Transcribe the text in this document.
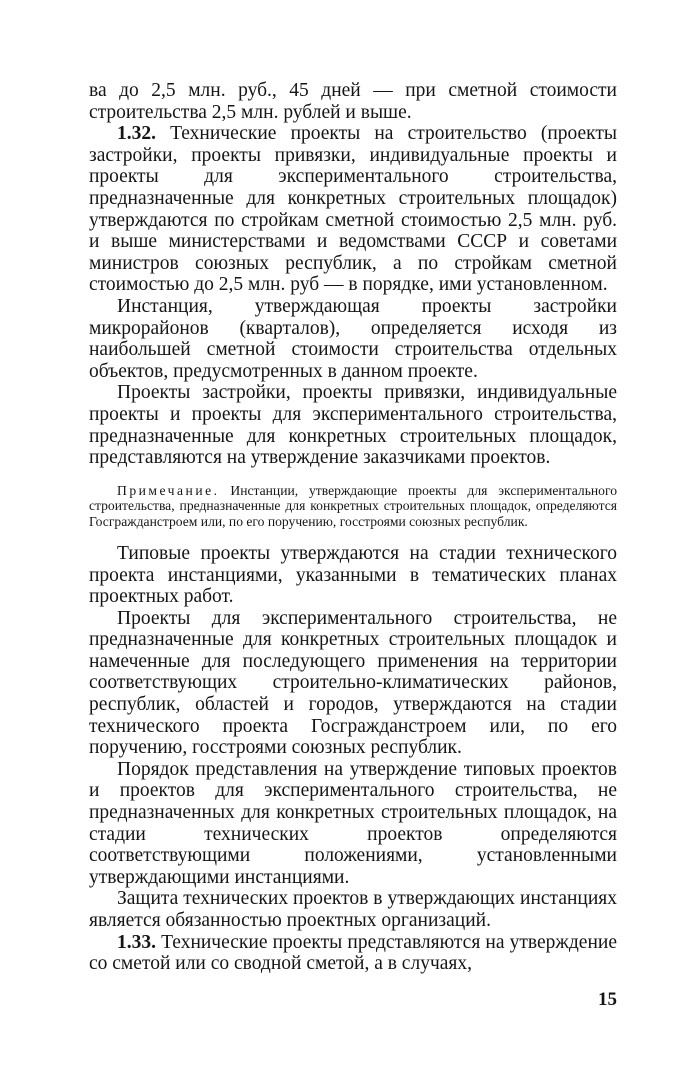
ва до 2,5 млн. руб., 45 дней — при сметной стоимости строительства 2,5 млн. рублей и выше.

1.32. Технические проекты на строительство (проекты застройки, проекты привязки, индивидуальные проекты и проекты для экспериментального строительства, предназначенные для конкретных строительных площадок) утверждаются по стройкам сметной стоимостью 2,5 млн. руб. и выше министерствами и ведомствами СССР и советами министров союзных республик, а по стройкам сметной стоимостью до 2,5 млн. руб — в порядке, ими установленном.

Инстанция, утверждающая проекты застройки микрорайонов (кварталов), определяется исходя из наибольшей сметной стоимости строительства отдельных объектов, предусмотренных в данном проекте.

Проекты застройки, проекты привязки, индивидуальные проекты и проекты для экспериментального строительства, предназначенные для конкретных строительных площадок, представляются на утверждение заказчиками проектов.

Примечание. Инстанции, утверждающие проекты для экспериментального строительства, предназначенные для конкретных строительных площадок, определяются Госгражданстроем или, по его поручению, госстроями союзных республик.

Типовые проекты утверждаются на стадии технического проекта инстанциями, указанными в тематических планах проектных работ.

Проекты для экспериментального строительства, не предназначенные для конкретных строительных площадок и намеченные для последующего применения на территории соответствующих строительно-климатических районов, республик, областей и городов, утверждаются на стадии технического проекта Госгражданстроем или, по его поручению, госстроями союзных республик.

Порядок представления на утверждение типовых проектов и проектов для экспериментального строительства, не предназначенных для конкретных строительных площадок, на стадии технических проектов определяются соответствующими положениями, установленными утверждающими инстанциями.

Защита технических проектов в утверждающих инстанциях является обязанностью проектных организаций.

1.33. Технические проекты представляются на утверждение со сметой или со сводной сметой, а в случаях,

15
